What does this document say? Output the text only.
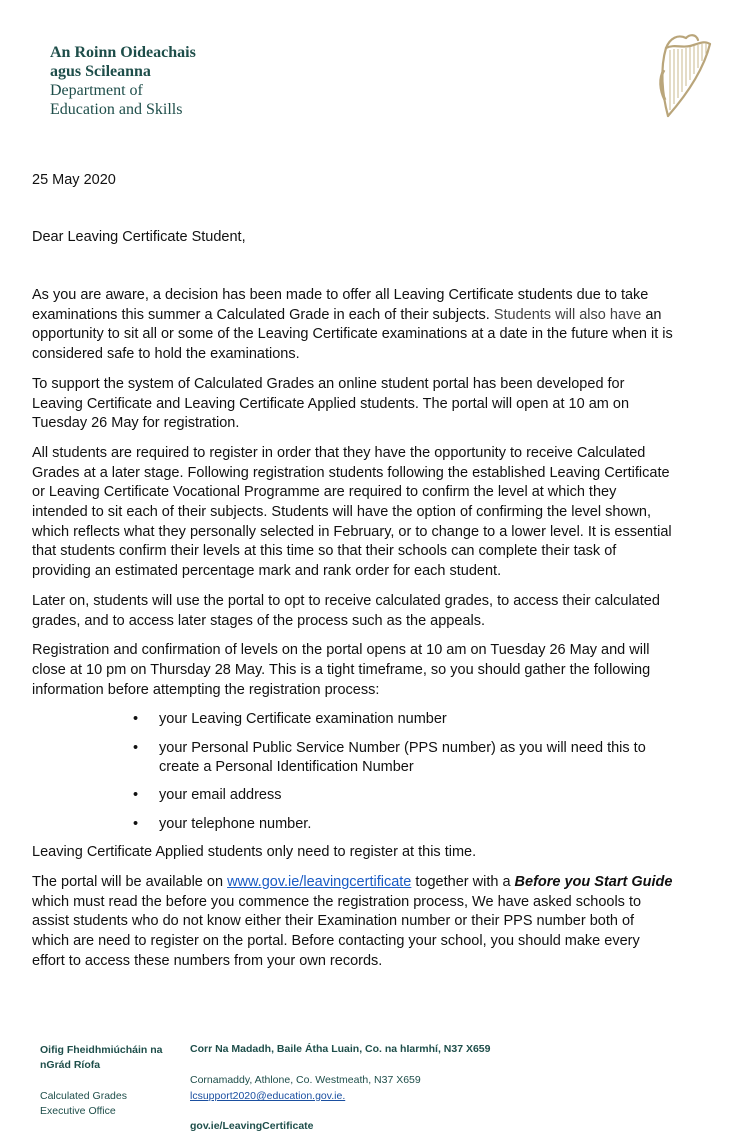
An Roinn Oideachais
agus Scileanna
Department of
Education and Skills
25 May 2020
Dear Leaving Certificate Student,

As you are aware, a decision has been made to offer all Leaving Certificate students due to take examinations this summer a Calculated Grade in each of their subjects. Students will also have an opportunity to sit all or some of the Leaving Certificate examinations at a date in the future when it is considered safe to hold the examinations.

To support the system of Calculated Grades an online student portal has been developed for Leaving Certificate and Leaving Certificate Applied students. The portal will open at 10 am on Tuesday 26 May for registration.

All students are required to register in order that they have the opportunity to receive Calculated Grades at a later stage. Following registration students following the established Leaving Certificate or Leaving Certificate Vocational Programme are required to confirm the level at which they intended to sit each of their subjects. Students will have the option of confirming the level shown, which reflects what they personally selected in February, or to change to a lower level. It is essential that students confirm their levels at this time so that their schools can complete their task of providing an estimated percentage mark and rank order for each student.

Later on, students will use the portal to opt to receive calculated grades, to access their calculated grades, and to access later stages of the process such as the appeals.

Registration and confirmation of levels on the portal opens at 10 am on Tuesday 26 May and will close at 10 pm on Thursday 28 May. This is a tight timeframe, so you should gather the following information before attempting the registration process:

• your Leaving Certificate examination number
• your Personal Public Service Number (PPS number) as you will need this to create a Personal Identification Number
• your email address
• your telephone number.

Leaving Certificate Applied students only need to register at this time.

The portal will be available on www.gov.ie/leavingcertificate together with a Before you Start Guide which must read the before you commence the registration process, We have asked schools to assist students who do not know either their Examination number or their PPS number both of which are need to register on the portal. Before contacting your school, you should make every effort to access these numbers from your own records.

Oifig Fheidhmiúcháin na nGrád Ríofa
Calculated Grades Executive Office
Corr Na Madadh, Baile Átha Luain, Co. na hIarmhí, N37 X659
Cornamaddy, Athlone, Co. Westmeath, N37 X659
lcsupport2020@education.gov.ie.
gov.ie/LeavingCertificate
